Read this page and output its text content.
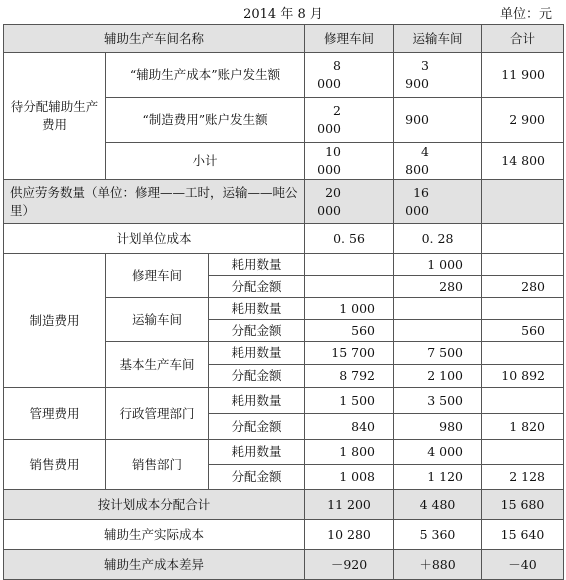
2014 年 8 月	单位：元
辅助生产车间名称			修理车间	运输车间	合计
待分配辅助生产费用	“辅助生产成本”账户发生额		8 000	3 900	11 900
	“制造费用”账户发生额		2 000	900	2 900
	小计		10 000	4 800	14 800
供应劳务数量（单位：修理——工时，运输——吨公里）			20 000	16 000	
计划单位成本			0. 56	0. 28	
制造费用	修理车间	耗用数量		1 000	
		分配金额		280	280
	运输车间	耗用数量	1 000		
		分配金额	560		560
	基本生产车间	耗用数量	15 700	7 500	
		分配金额	8 792	2 100	10 892
管理费用	行政管理部门	耗用数量	1 500	3 500	
		分配金额	840	980	1 820
销售费用	销售部门	耗用数量	1 800	4 000	
		分配金额	1 008	1 120	2 128
按计划成本分配合计			11 200	4 480	15 680
辅助生产实际成本			10 280	5 360	15 640
辅助生产成本差异			－920	＋880	－40
